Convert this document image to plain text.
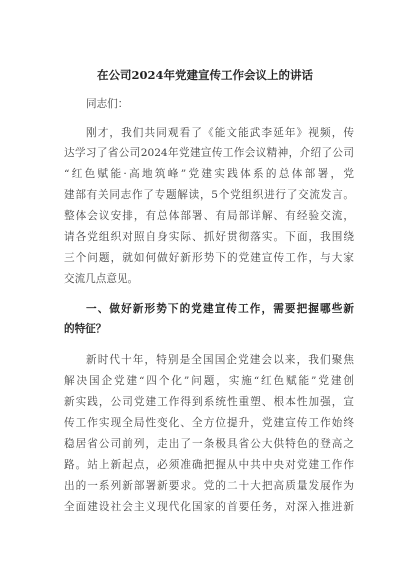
在公司2024年党建宣传工作会议上的讲话
同志们：
刚才，我们共同观看了《能文能武李延年》视频，传
达学习了省公司2024年党建宣传工作会议精神，介绍了公司
“红色赋能·高地筑峰”党建实践体系的总体部署，党
建部有关同志作了专题解读，5个党组织进行了交流发言。
整体会议安排，有总体部署、有局部详解、有经验交流，
请各党组织对照自身实际、抓好贯彻落实。下面，我围绕
三个问题，就如何做好新形势下的党建宣传工作，与大家
交流几点意见。
一、做好新形势下的党建宣传工作，需要把握哪些新
的特征？
新时代十年，特别是全国国企党建会以来，我们聚焦
解决国企党建“四个化”问题，实施“红色赋能”党建创
新实践，公司党建工作得到系统性重塑、根本性加强，宣
传工作实现全局性变化、全方位提升，党建宣传工作始终
稳居省公司前列，走出了一条极具省公大供特色的登高之
路。站上新起点，必须准确把握从中共中央对党建工作作
出的一系列新部署新要求。党的二十大把高质量发展作为
全面建设社会主义现代化国家的首要任务，对深入推进新
